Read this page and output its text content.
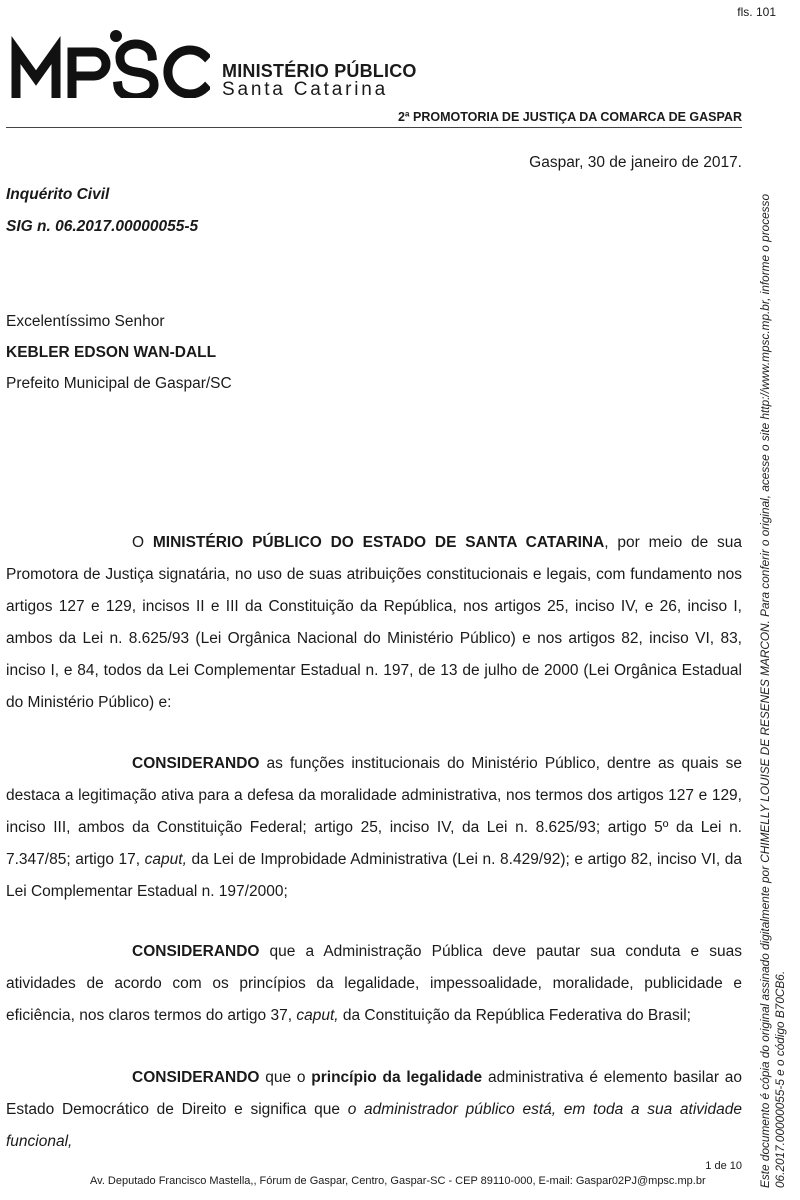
fls. 101
MINISTÉRIO PÚBLICO
Santa Catarina
2ª PROMOTORIA DE JUSTIÇA DA COMARCA DE GASPAR
Gaspar, 30 de janeiro de 2017.
Inquérito Civil
SIG n. 06.2017.00000055-5
Excelentíssimo Senhor
KEBLER EDSON WAN-DALL
Prefeito Municipal de Gaspar/SC

O MINISTÉRIO PÚBLICO DO ESTADO DE SANTA CATARINA, por meio de sua Promotora de Justiça signatária, no uso de suas atribuições constitucionais e legais, com fundamento nos artigos 127 e 129, incisos II e III da Constituição da República, nos artigos 25, inciso IV, e 26, inciso I, ambos da Lei n. 8.625/93 (Lei Orgânica Nacional do Ministério Público) e nos artigos 82, inciso VI, 83, inciso I, e 84, todos da Lei Complementar Estadual n. 197, de 13 de julho de 2000 (Lei Orgânica Estadual do Ministério Público) e:

CONSIDERANDO as funções institucionais do Ministério Público, dentre as quais se destaca a legitimação ativa para a defesa da moralidade administrativa, nos termos dos artigos 127 e 129, inciso III, ambos da Constituição Federal; artigo 25, inciso IV, da Lei n. 8.625/93; artigo 5º da Lei n. 7.347/85; artigo 17, caput, da Lei de Improbidade Administrativa (Lei n. 8.429/92); e artigo 82, inciso VI, da Lei Complementar Estadual n. 197/2000;

CONSIDERANDO que a Administração Pública deve pautar sua conduta e suas atividades de acordo com os princípios da legalidade, impessoalidade, moralidade, publicidade e eficiência, nos claros termos do artigo 37, caput, da Constituição da República Federativa do Brasil;

CONSIDERANDO que o princípio da legalidade administrativa é elemento basilar ao Estado Democrático de Direito e significa que o administrador público está, em toda a sua atividade funcional,

1 de 10
Av. Deputado Francisco Mastella,, Fórum de Gaspar, Centro, Gaspar-SC - CEP 89110-000, E-mail: Gaspar02PJ@mpsc.mp.br	Este documento é cópia do original assinado digitalmente por CHIMELLY LOUISE DE RESENES MARCON. Para conferir o original, acesse o site http://www.mpsc.mp.br, informe o processo 06.2017.00000055-5 e o código B70CB6.
